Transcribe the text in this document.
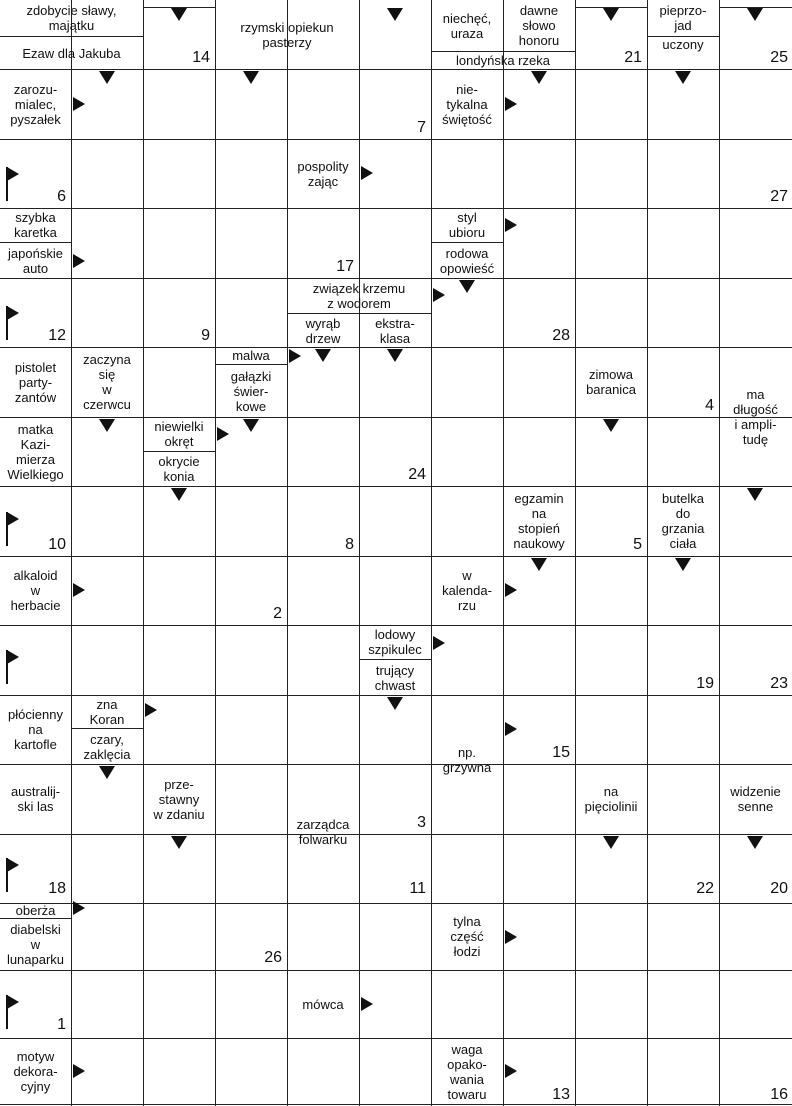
zdobycie sławy,
majątku
Ezaw dla Jakuba
rzymski opiekun
pasterzy
niechęć,
uraza
dawne
słowo
honoru
londyńska rzeka
pieprzo-
jad
uczony
zarozu-
mialec,
pyszałek
nie-
tykalna
świętość
pospolity
zając
szybka
karetka
japońskie
auto
styl
ubioru
rodowa
opowieść
związek krzemu
z wodorem
wyrąb
drzew
ekstra-
klasa
pistolet
party-
zantów
zaczyna
się
w
czerwcu
malwa
gałązki
świer-
kowe
zimowa
baranica	ma
długość
i ampli-
tudę
matka
Kazi-
mierza
Wielkiego
niewielki
okręt
okrycie
konia
egzamin
na
stopień
naukowy
butelka
do
grzania
ciała
alkaloid
w
herbacie
w
kalenda-
rzu
lodowy
szpikulec
trujący
chwast
płócienny
na
kartofle
zna
Koran
czary,
zaklęcia	np.
grzywna
australij-
ski las
prze-
stawny
w zdaniu
zarządca
folwarku
na
pięciolinii
widzenie
senne
oberża
diabelski
w
lunaparku
tylna
część
łodzi
mówca
motyw
dekora-
cyjny
waga
opako-
wania
towaru
14	21	25
7
6	27
17
12	9	28
4
24
10	8	5
2
19	23
15
3
18	11	22	20
26
1
13	16
